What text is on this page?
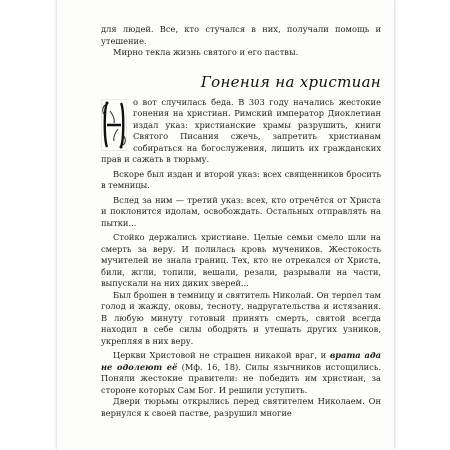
для людей. Все, кто стучался в них, получали помощь и утешение.

Мирно текла жизнь святого и его паствы.

Гонения на христиан

Н
о вот случилась беда. В 303 году начались жестокие гонения на христиан. Римский император Диоклетиан издал указ: христианские храмы разрушить, книги Святого Писания сжечь, запретить христианам собираться на богослужения, лишить их гражданских прав и сажать в тюрьму.

Вскоре был издан и второй указ: всех священников бросить в темницы.

Вслед за ним — третий указ: всех, кто отречётся от Христа и поклонится идолам, освобождать. Остальных отправлять на пытки...

Стойко держались христиане. Целые семьи смело шли на смерть за веру. И полилась кровь мучеников. Жестокость мучителей не знала границ. Тех, кто не отрекался от Христа, били, жгли, топили, вешали, резали, разрывали на части, выпускали на них диких зверей...

Был брошен в темницу и святитель Николай. Он терпел там голод и жажду, оковы, тесноту, надругательства и истязания. В любую минуту готовый принять смерть, святой всегда находил в себе силы ободрять и утешать других узников, укрепляя в них веру.

Церкви Христовой не страшен никакой враг, и врата ада не одолеют её (Мф. 16, 18). Силы язычников истощились. Поняли жестокие правители: не победить им христиан, за стороне которых Сам Бог. И решили уступить.

Двери тюрьмы открылись перед святителем Николаем. Он вернулся к своей пастве, разрушил многие
